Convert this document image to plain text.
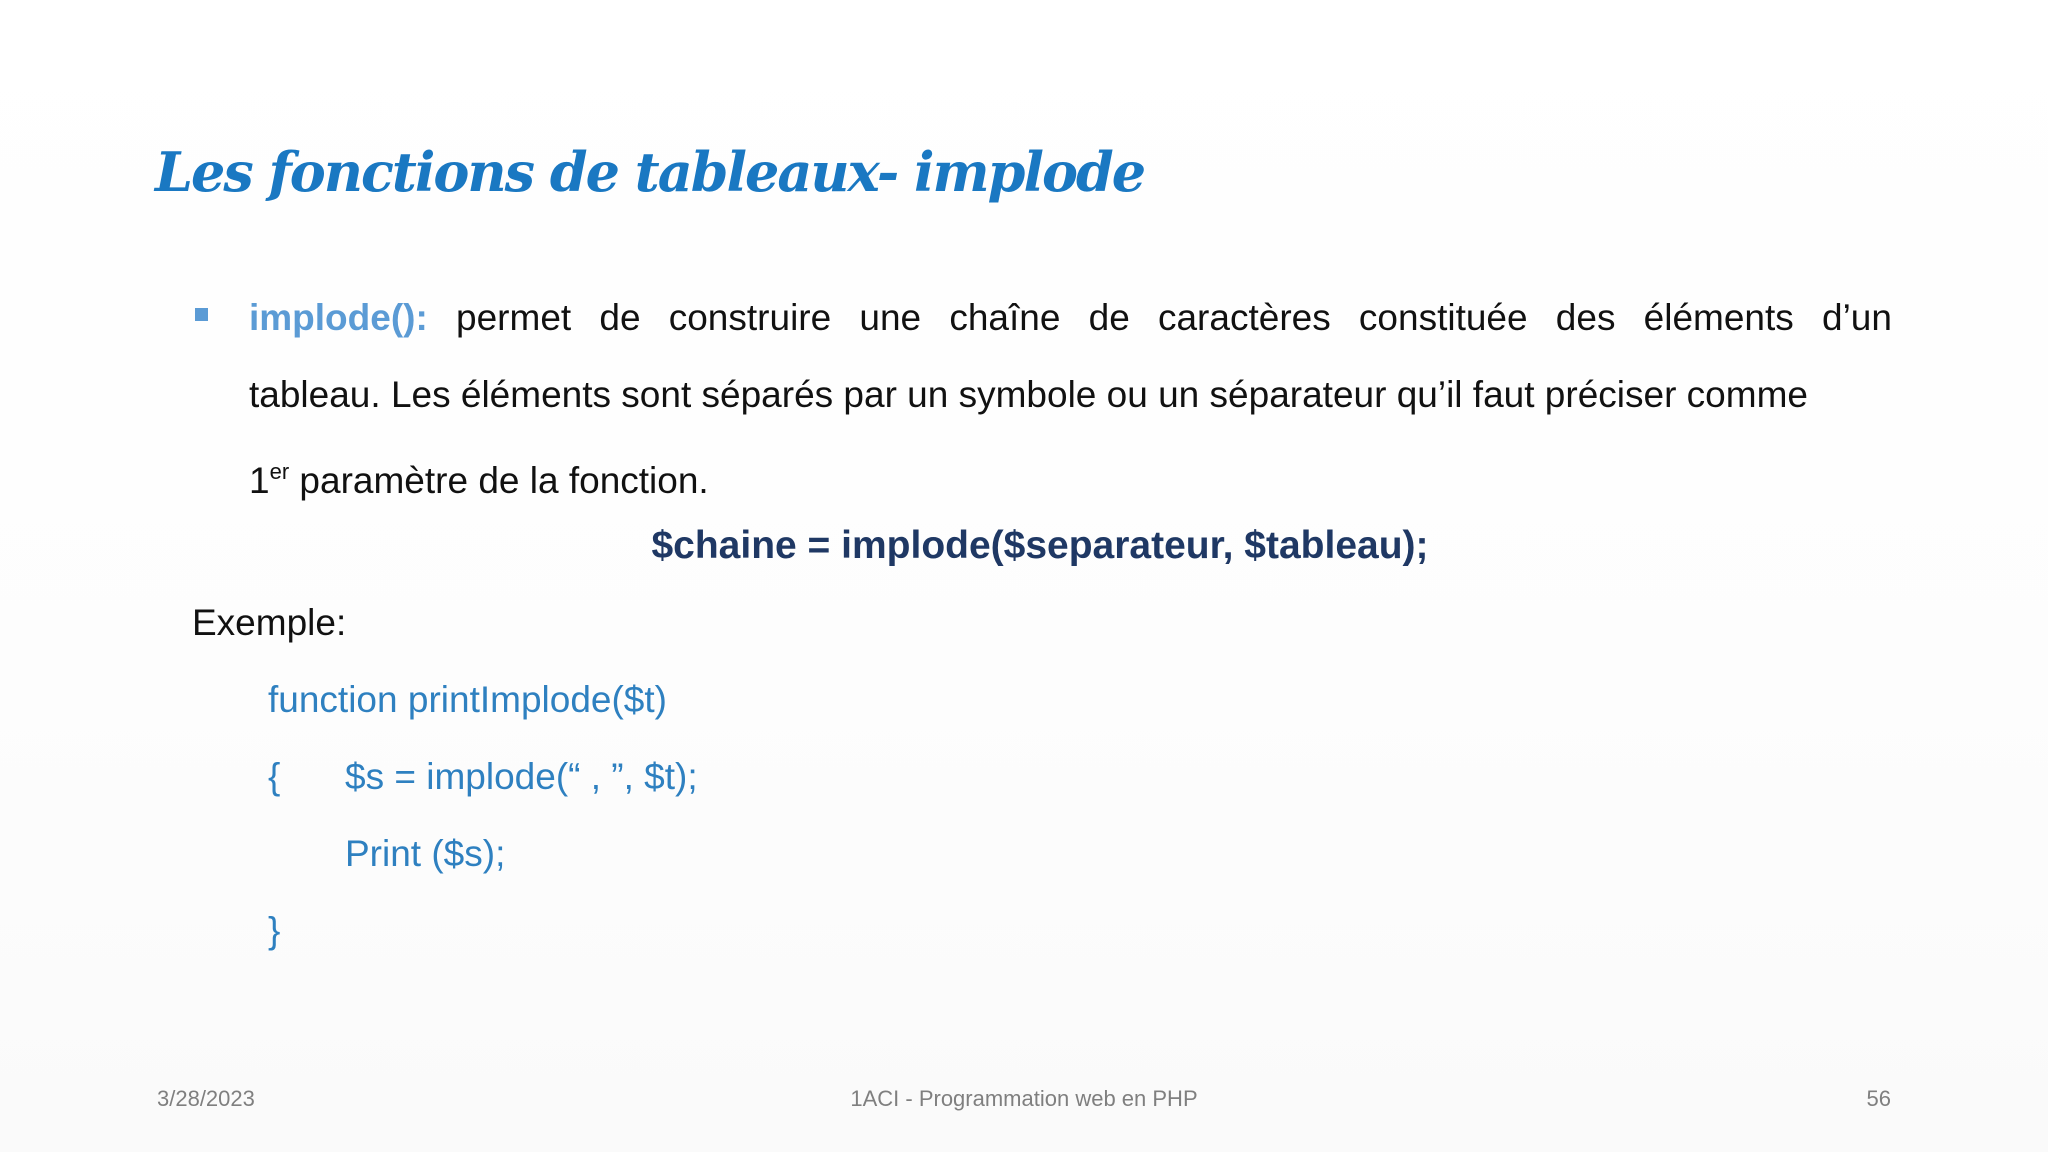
Les fonctions de tableaux- implode
implode(): permet de construire une chaîne de caractères constituée des éléments d’un
tableau. Les éléments sont séparés par un symbole ou un séparateur qu’il faut préciser comme
1er paramètre de la fonction.
$chaine = implode($separateur, $tableau);
Exemple:
function printImplode($t)
{ $s = implode(“ , ”, $t);
Print ($s);
}
3/28/2023	1ACI - Programmation web en PHP	56
